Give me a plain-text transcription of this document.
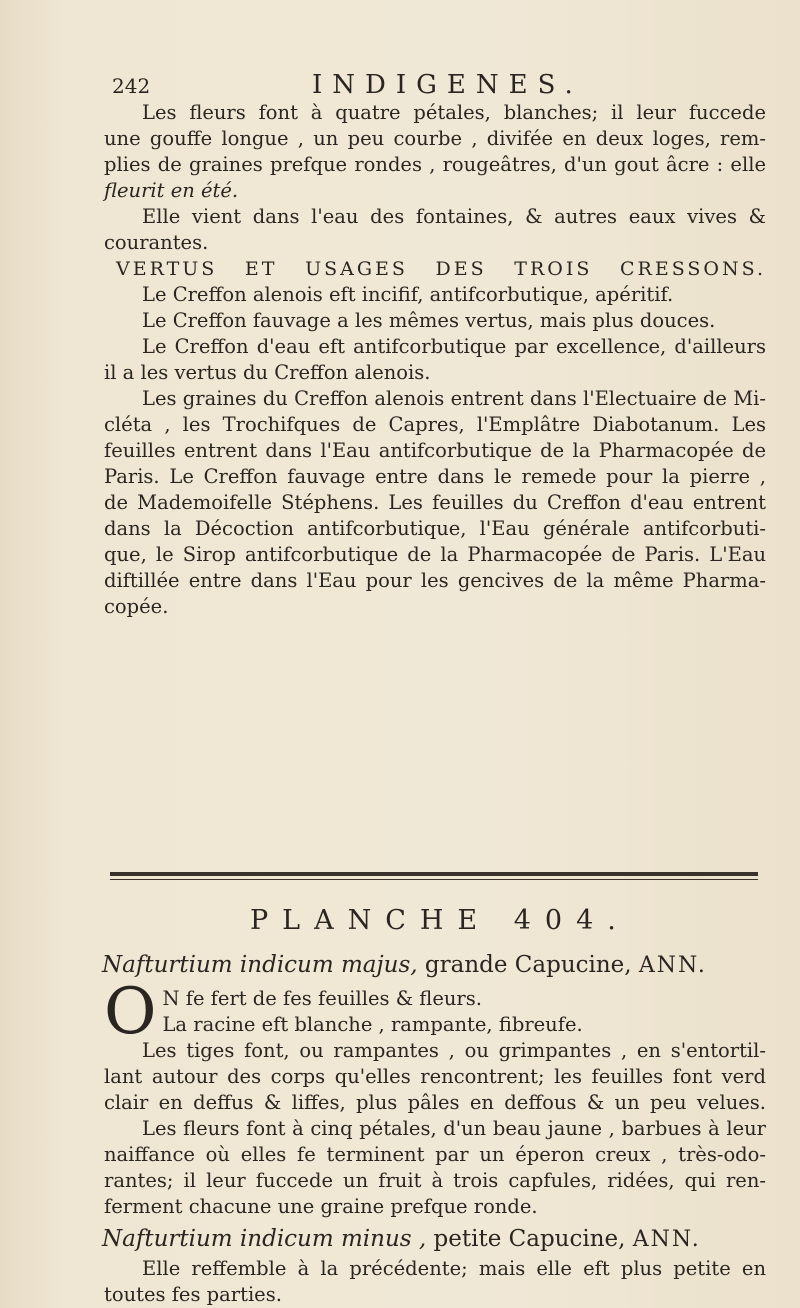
242	INDIGENES.
Les fleurs font à quatre pétales, blanches; il leur fuccede
une gouffe longue , un peu courbe , divifée en deux loges, rem-
plies de graines prefque rondes , rougeâtres, d'un gout âcre : elle
fleurit en été.
Elle vient dans l'eau des fontaines, & autres eaux vives &
courantes.
VERTUS ET USAGES DES TROIS CRESSONS.
Le Creffon alenois eft incifif, antifcorbutique, apéritif.
Le Creffon fauvage a les mêmes vertus, mais plus douces.
Le Creffon d'eau eft antifcorbutique par excellence, d'ailleurs
il a les vertus du Creffon alenois.
Les graines du Creffon alenois entrent dans l'Electuaire de Mi-
cléta , les Trochifques de Capres, l'Emplâtre Diabotanum. Les
feuilles entrent dans l'Eau antifcorbutique de la Pharmacopée de
Paris. Le Creffon fauvage entre dans le remede pour la pierre ,
de Mademoifelle Stéphens. Les feuilles du Creffon d'eau entrent
dans la Décoction antifcorbutique, l'Eau générale antifcorbuti-
que, le Sirop antifcorbutique de la Pharmacopée de Paris. L'Eau
diftillée entre dans l'Eau pour les gencives de la même Pharma-
copée.
PLANCHE 404.
Nafturtium indicum majus, grande Capucine, ANN.
O N fe fert de fes feuilles & fleurs.
La racine eft blanche , rampante, fibreufe.
Les tiges font, ou rampantes , ou grimpantes , en s'entortil-
lant autour des corps qu'elles rencontrent; les feuilles font verd
clair en deffus & liffes, plus pâles en deffous & un peu velues.
Les fleurs font à cinq pétales, d'un beau jaune , barbues à leur
naiffance où elles fe terminent par un éperon creux , très-odo-
rantes; il leur fuccede un fruit à trois capfules, ridées, qui ren-
ferment chacune une graine prefque ronde.
Nafturtium indicum minus , petite Capucine, ANN.
Elle reffemble à la précédente; mais elle eft plus petite en
toutes fes parties.
